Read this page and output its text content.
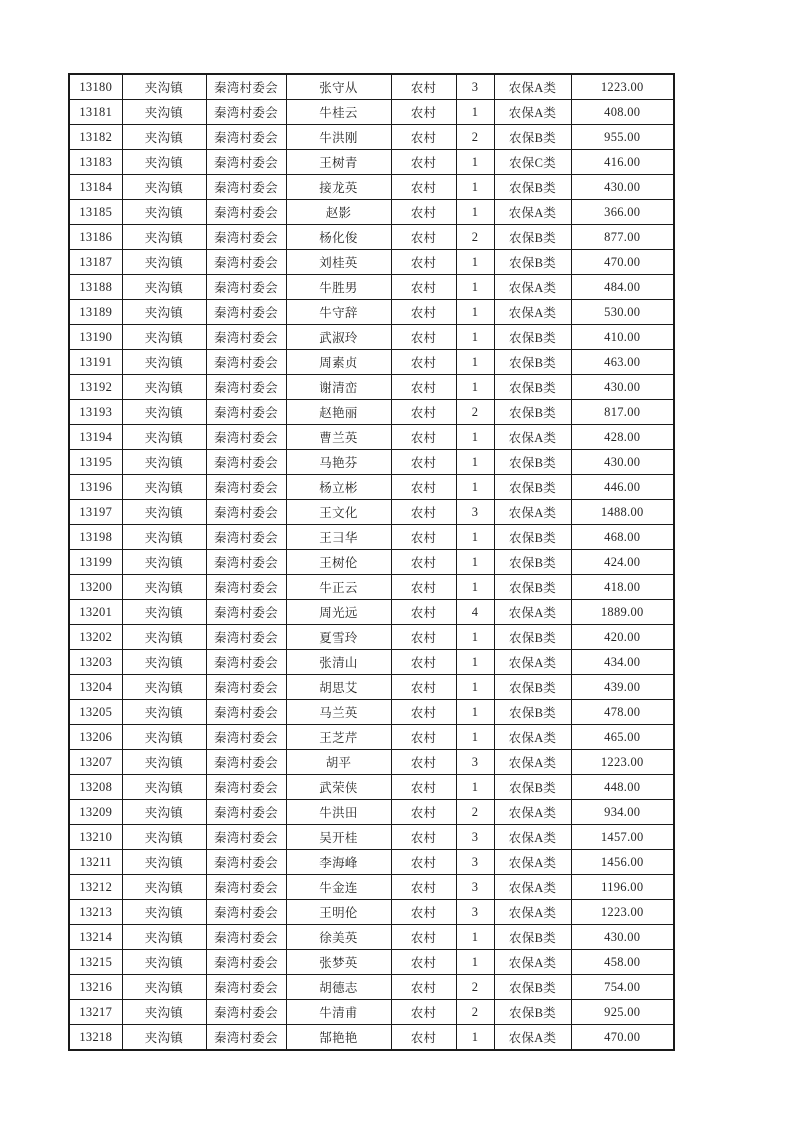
13180	夹沟镇	秦湾村委会	张守从	农村	3	农保A类	1223.00
13181	夹沟镇	秦湾村委会	牛桂云	农村	1	农保A类	408.00
13182	夹沟镇	秦湾村委会	牛洪刚	农村	2	农保B类	955.00
13183	夹沟镇	秦湾村委会	王树青	农村	1	农保C类	416.00
13184	夹沟镇	秦湾村委会	接龙英	农村	1	农保B类	430.00
13185	夹沟镇	秦湾村委会	赵影	农村	1	农保A类	366.00
13186	夹沟镇	秦湾村委会	杨化俊	农村	2	农保B类	877.00
13187	夹沟镇	秦湾村委会	刘桂英	农村	1	农保B类	470.00
13188	夹沟镇	秦湾村委会	牛胜男	农村	1	农保A类	484.00
13189	夹沟镇	秦湾村委会	牛守辞	农村	1	农保A类	530.00
13190	夹沟镇	秦湾村委会	武淑玲	农村	1	农保B类	410.00
13191	夹沟镇	秦湾村委会	周素贞	农村	1	农保B类	463.00
13192	夹沟镇	秦湾村委会	谢清峦	农村	1	农保B类	430.00
13193	夹沟镇	秦湾村委会	赵艳丽	农村	2	农保B类	817.00
13194	夹沟镇	秦湾村委会	曹兰英	农村	1	农保A类	428.00
13195	夹沟镇	秦湾村委会	马艳芬	农村	1	农保B类	430.00
13196	夹沟镇	秦湾村委会	杨立彬	农村	1	农保B类	446.00
13197	夹沟镇	秦湾村委会	王文化	农村	3	农保A类	1488.00
13198	夹沟镇	秦湾村委会	王彐华	农村	1	农保B类	468.00
13199	夹沟镇	秦湾村委会	王树伦	农村	1	农保B类	424.00
13200	夹沟镇	秦湾村委会	牛正云	农村	1	农保B类	418.00
13201	夹沟镇	秦湾村委会	周光远	农村	4	农保A类	1889.00
13202	夹沟镇	秦湾村委会	夏雪玲	农村	1	农保B类	420.00
13203	夹沟镇	秦湾村委会	张清山	农村	1	农保A类	434.00
13204	夹沟镇	秦湾村委会	胡思艾	农村	1	农保B类	439.00
13205	夹沟镇	秦湾村委会	马兰英	农村	1	农保B类	478.00
13206	夹沟镇	秦湾村委会	王芝芹	农村	1	农保A类	465.00
13207	夹沟镇	秦湾村委会	胡平	农村	3	农保A类	1223.00
13208	夹沟镇	秦湾村委会	武荣侠	农村	1	农保B类	448.00
13209	夹沟镇	秦湾村委会	牛洪田	农村	2	农保A类	934.00
13210	夹沟镇	秦湾村委会	吴开桂	农村	3	农保A类	1457.00
13211	夹沟镇	秦湾村委会	李海峰	农村	3	农保A类	1456.00
13212	夹沟镇	秦湾村委会	牛金连	农村	3	农保A类	1196.00
13213	夹沟镇	秦湾村委会	王明伦	农村	3	农保A类	1223.00
13214	夹沟镇	秦湾村委会	徐美英	农村	1	农保B类	430.00
13215	夹沟镇	秦湾村委会	张梦英	农村	1	农保A类	458.00
13216	夹沟镇	秦湾村委会	胡德志	农村	2	农保B类	754.00
13217	夹沟镇	秦湾村委会	牛清甫	农村	2	农保B类	925.00
13218	夹沟镇	秦湾村委会	郜艳艳	农村	1	农保A类	470.00
